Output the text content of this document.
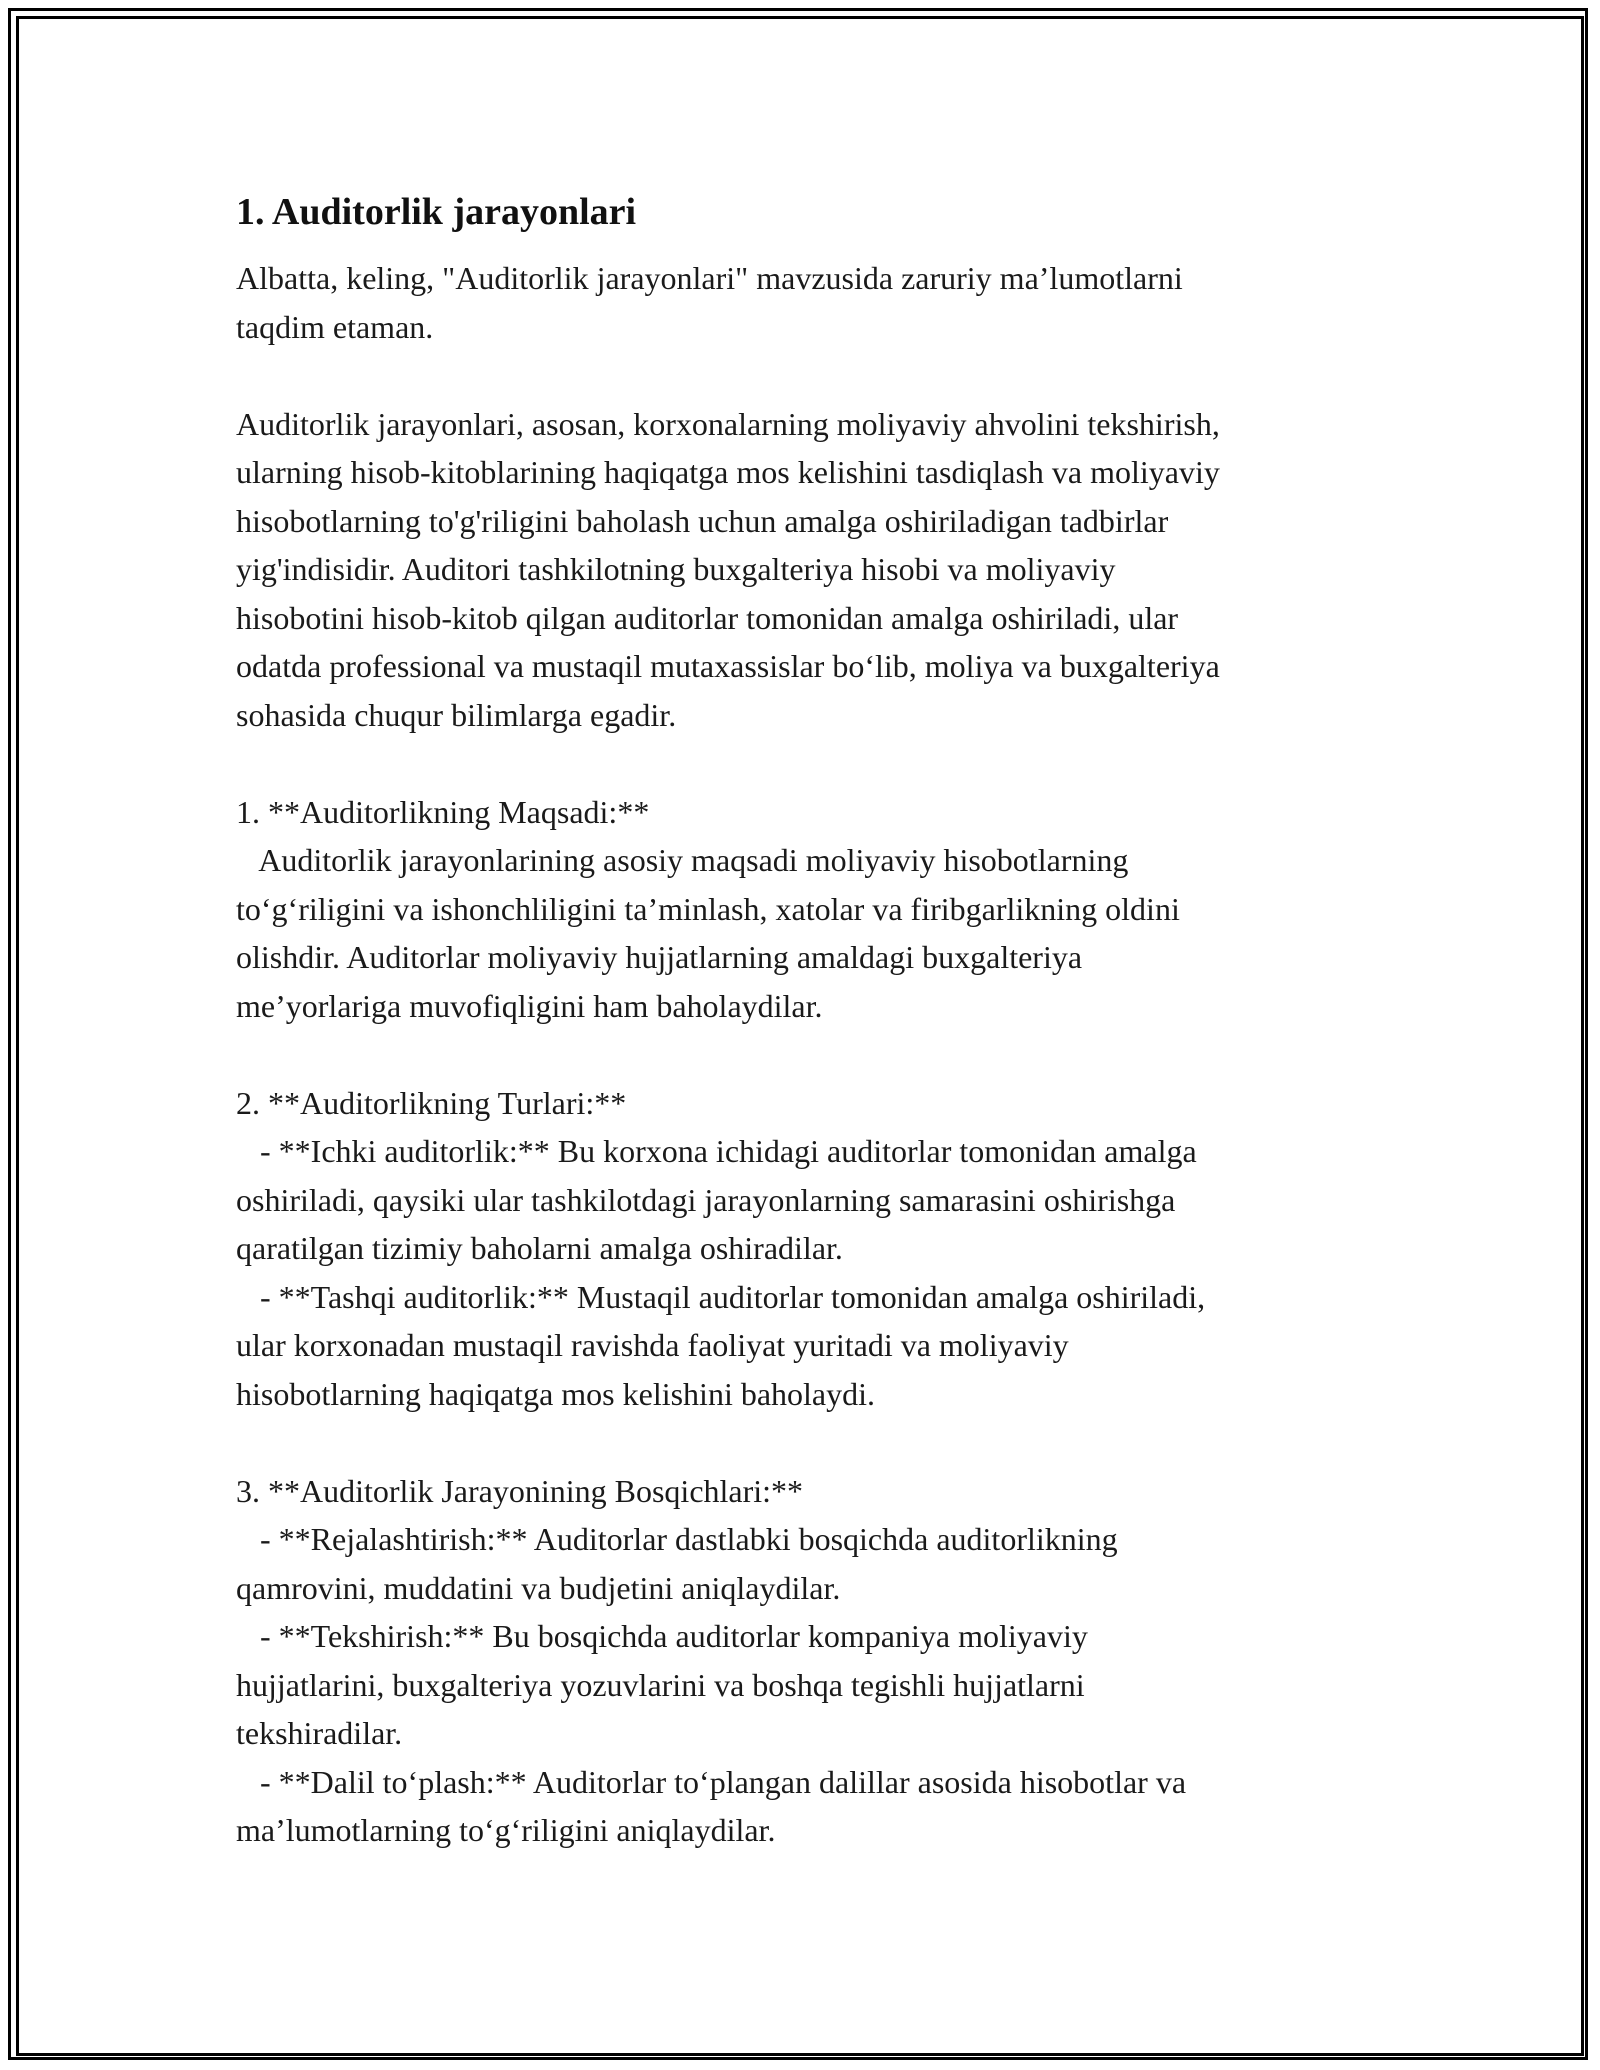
1. Auditorlik jarayonlari
Albatta, keling, "Auditorlik jarayonlari" mavzusida zaruriy ma’lumotlarni
taqdim etaman.
Auditorlik jarayonlari, asosan, korxonalarning moliyaviy ahvolini tekshirish,
ularning hisob-kitoblarining haqiqatga mos kelishini tasdiqlash va moliyaviy
hisobotlarning to'g'riligini baholash uchun amalga oshiriladigan tadbirlar
yig'indisidir. Auditori tashkilotning buxgalteriya hisobi va moliyaviy
hisobotini hisob-kitob qilgan auditorlar tomonidan amalga oshiriladi, ular
odatda professional va mustaqil mutaxassislar bo‘lib, moliya va buxgalteriya
sohasida chuqur bilimlarga egadir.
1. **Auditorlikning Maqsadi:**
Auditorlik jarayonlarining asosiy maqsadi moliyaviy hisobotlarning
to‘g‘riligini va ishonchliligini ta’minlash, xatolar va firibgarlikning oldini
olishdir. Auditorlar moliyaviy hujjatlarning amaldagi buxgalteriya
me’yorlariga muvofiqligini ham baholaydilar.
2. **Auditorlikning Turlari:**
- **Ichki auditorlik:** Bu korxona ichidagi auditorlar tomonidan amalga
oshiriladi, qaysiki ular tashkilotdagi jarayonlarning samarasini oshirishga
qaratilgan tizimiy baholarni amalga oshiradilar.
- **Tashqi auditorlik:** Mustaqil auditorlar tomonidan amalga oshiriladi,
ular korxonadan mustaqil ravishda faoliyat yuritadi va moliyaviy
hisobotlarning haqiqatga mos kelishini baholaydi.
3. **Auditorlik Jarayonining Bosqichlari:**
- **Rejalashtirish:** Auditorlar dastlabki bosqichda auditorlikning
qamrovini, muddatini va budjetini aniqlaydilar.
- **Tekshirish:** Bu bosqichda auditorlar kompaniya moliyaviy
hujjatlarini, buxgalteriya yozuvlarini va boshqa tegishli hujjatlarni
tekshiradilar.
- **Dalil to‘plash:** Auditorlar to‘plangan dalillar asosida hisobotlar va
ma’lumotlarning to‘g‘riligini aniqlaydilar.
